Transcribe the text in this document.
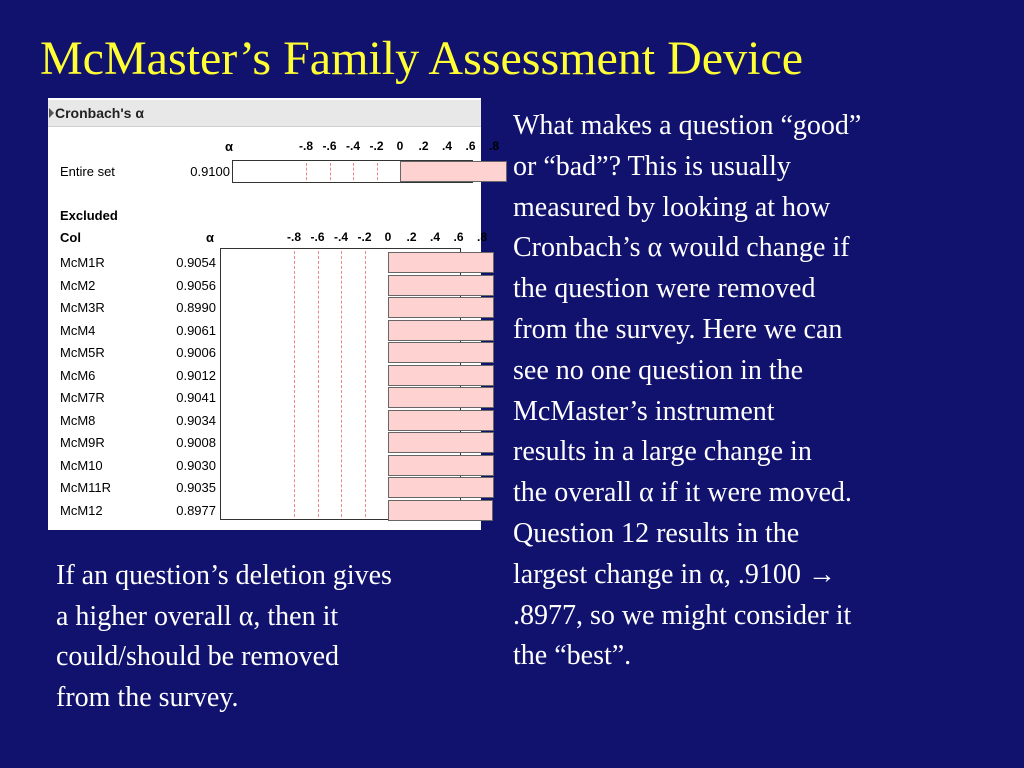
McMaster’s Family Assessment Device
Cronbach's α
α	-.8 -.6 -.4 -.2	0	.2	.4	.6	.8
Entire set	0.9100
Excluded
Col	α	-.8 -.6 -.4 -.2	0	.2	.4	.6	.8
McM1R	0.9054
McM2	0.9056
McM3R	0.8990
McM4	0.9061
McM5R	0.9006
McM6	0.9012
McM7R	0.9041
McM8	0.9034
McM9R	0.9008
McM10	0.9030
McM11R	0.9035
McM12	0.8977
What makes a question “good”
or “bad”? This is usually
measured by looking at how
Cronbach’s α would change if
the question were removed
from the survey. Here we can
see no one question in the
McMaster’s instrument
results in a large change in
the overall α if it were moved.
Question 12 results in the
largest change in α, .9100 →
.8977, so we might consider it
the “best”.
If an question’s deletion gives
a higher overall α, then it
could/should be removed
from the survey.
